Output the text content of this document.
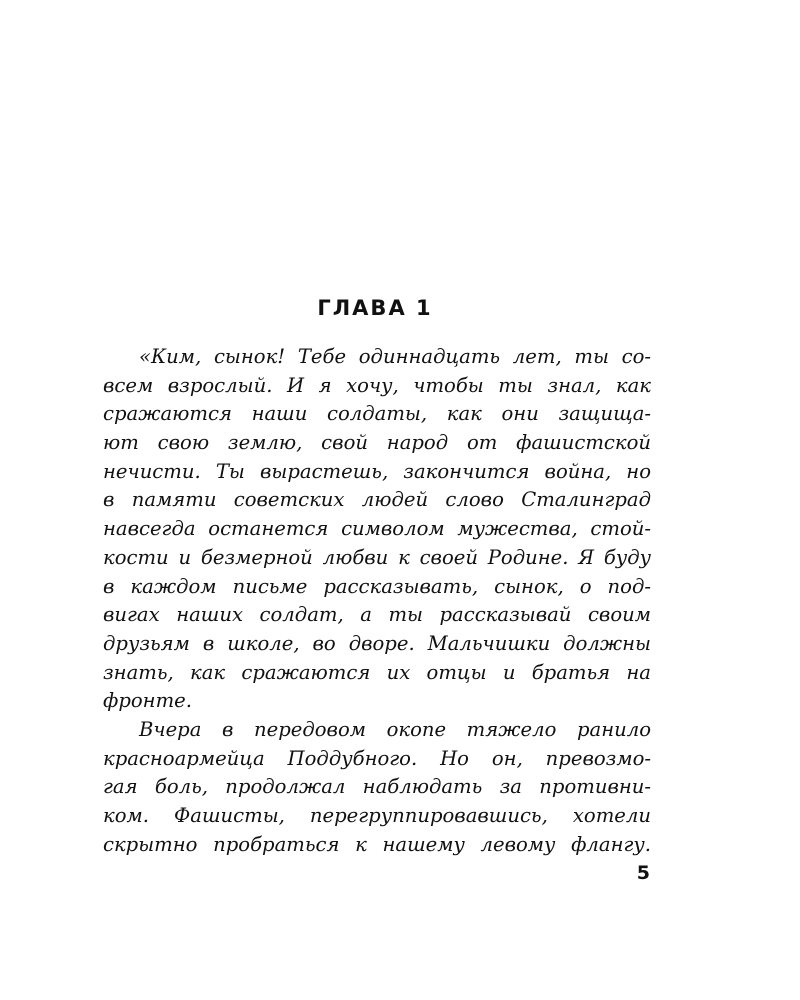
ГЛАВА 1
«Ким, сынок! Тебе одиннадцать лет, ты со-
всем взрослый. И я хочу, чтобы ты знал, как
сражаются наши солдаты, как они защища-
ют свою землю, свой народ от фашистской
нечисти. Ты вырастешь, закончится война, но
в памяти советских людей слово Сталинград
навсегда останется символом мужества, стой-
кости и безмерной любви к своей Родине. Я буду
в каждом письме рассказывать, сынок, о под-
вигах наших солдат, а ты рассказывай своим
друзьям в школе, во дворе. Мальчишки должны
знать, как сражаются их отцы и братья на
фронте.
Вчера в передовом окопе тяжело ранило
красноармейца Поддубного. Но он, превозмо-
гая боль, продолжал наблюдать за противни-
ком. Фашисты, перегруппировавшись, хотели
скрытно пробраться к нашему левому флангу.
5
